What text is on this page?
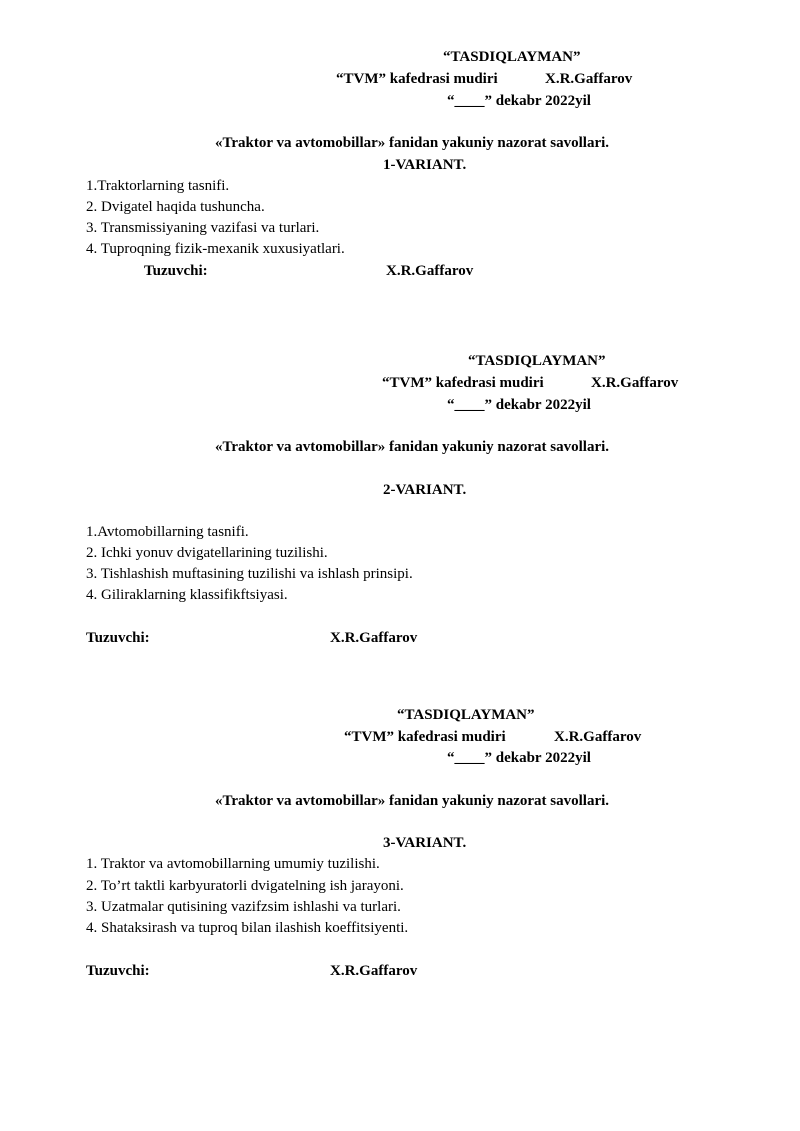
“TASDIQLAYMAN”
“TVM” kafedrasi mudiri	X.R.Gaffarov
“____” dekabr 2022yil
«Traktor va avtomobillar» fanidan yakuniy nazorat savollari.
1-VARIANT.
1.Traktorlarning tasnifi.
2. Dvigatel haqida tushuncha.
3. Transmissiyaning vazifasi va turlari.
4. Tuproqning fizik-mexanik xuxusiyatlari.
Tuzuvchi:	X.R.Gaffarov
“TASDIQLAYMAN”
“TVM” kafedrasi mudiri	X.R.Gaffarov
“____” dekabr 2022yil
«Traktor va avtomobillar» fanidan yakuniy nazorat savollari.
2-VARIANT.
1.Avtomobillarning tasnifi.
2. Ichki yonuv dvigatellarining tuzilishi.
3. Tishlashish muftasining tuzilishi va ishlash prinsipi.
4. Giliraklarning klassifikftsiyasi.
Tuzuvchi:	X.R.Gaffarov
“TASDIQLAYMAN”
“TVM” kafedrasi mudiri	X.R.Gaffarov
“____” dekabr 2022yil
«Traktor va avtomobillar» fanidan yakuniy nazorat savollari.
3-VARIANT.
1. Traktor va avtomobillarning umumiy tuzilishi.
2. To’rt taktli karbyuratorli dvigatelning ish jarayoni.
3. Uzatmalar qutisining vazifzsim ishlashi va turlari.
4. Shataksirash va tuproq bilan ilashish koeffitsiyenti.
Tuzuvchi:	X.R.Gaffarov
